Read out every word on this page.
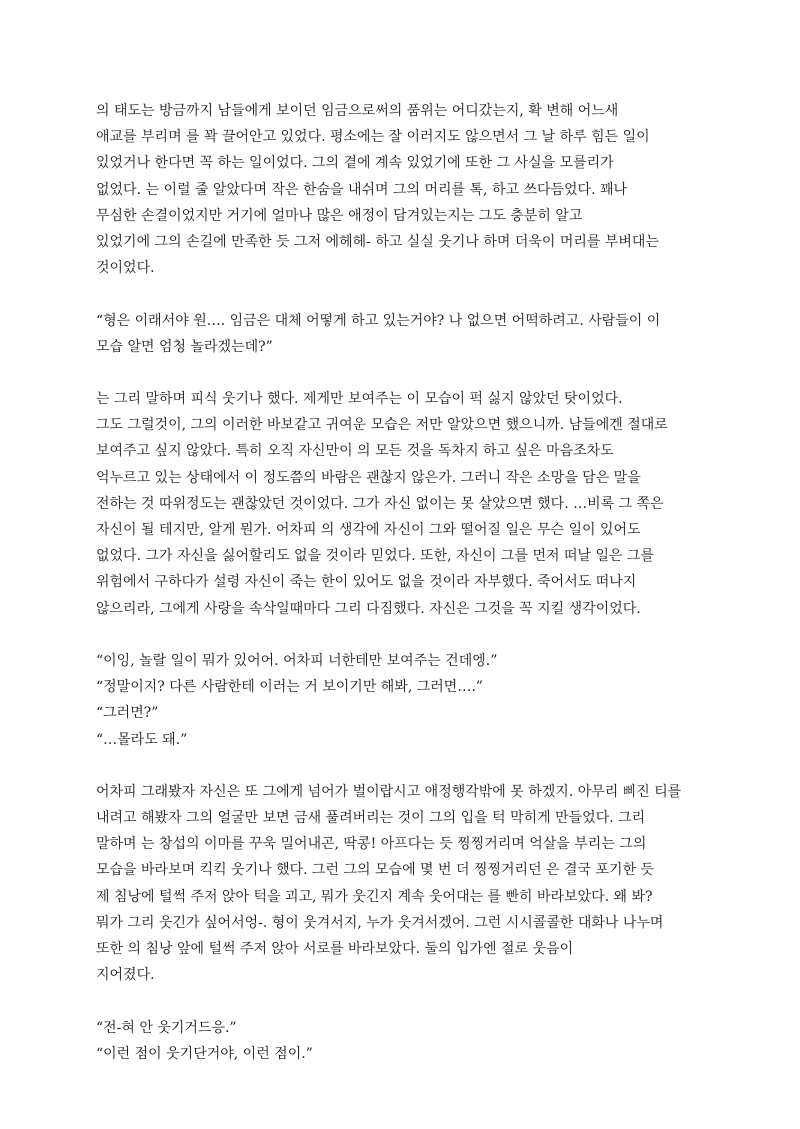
의 태도는 방금까지 남들에게 보이던 임금으로써의 품위는 어디갔는지, 확 변해 어느새
애교를 부리며 를 꽉 끌어안고 있었다. 평소에는 잘 이러지도 않으면서 그 날 하루 힘든 일이
있었거나 한다면 꼭 하는 일이었다. 그의 곁에 계속 있었기에 또한 그 사실을 모를리가
없었다. 는 이럴 줄 알았다며 작은 한숨을 내쉬며 그의 머리를 톡, 하고 쓰다듬었다. 꽤나
무심한 손결이었지만 거기에 얼마나 많은 애정이 담겨있는지는 그도 충분히 알고
있었기에 그의 손길에 만족한 듯 그저 에헤헤- 하고 실실 웃기나 하며 더욱이 머리를 부벼대는
것이었다.

“형은 이래서야 원…. 임금은 대체 어떻게 하고 있는거야? 나 없으면 어떡하려고. 사람들이 이
모습 알면 엄청 놀라겠는데?”

는 그리 말하며 피식 웃기나 했다. 제게만 보여주는 이 모습이 퍽 싫지 않았던 탓이었다.
그도 그럴것이, 그의 이러한 바보같고 귀여운 모습은 저만 알았으면 했으니까. 남들에겐 절대로
보여주고 싶지 않았다. 특히 오직 자신만이 의 모든 것을 독차지 하고 싶은 마음조차도
억누르고 있는 상태에서 이 정도쯤의 바람은 괜찮지 않은가. 그러니 작은 소망을 담은 말을
전하는 것 따위정도는 괜찮았던 것이었다. 그가 자신 없이는 못 살았으면 했다. …비록 그 쪽은
자신이 될 테지만, 알게 뭔가. 어차피 의 생각에 자신이 그와 떨어질 일은 무슨 일이 있어도
없었다. 그가 자신을 싫어할리도 없을 것이라 믿었다. 또한, 자신이 그를 먼저 떠날 일은 그를
위험에서 구하다가 설령 자신이 죽는 한이 있어도 없을 것이라 자부했다. 죽어서도 떠나지
않으리라, 그에게 사랑을 속삭일때마다 그리 다짐했다. 자신은 그것을 꼭 지킬 생각이었다.

“이잉, 놀랄 일이 뭐가 있어어. 어차피 너한테만 보여주는 건데엥.”
“정말이지? 다른 사람한테 이러는 거 보이기만 해봐, 그러면….”
“그러면?”
“…몰라도 돼.”

어차피 그래봤자 자신은 또 그에게 넘어가 벌이랍시고 애정행각밖에 못 하겠지. 아무리 삐진 티를
내려고 해봤자 그의 얼굴만 보면 금새 풀려버리는 것이 그의 입을 턱 막히게 만들었다. 그리
말하며 는 창섭의 이마를 꾸욱 밀어내곤, 딱콩! 아프다는 듯 찡찡거리며 억살을 부리는 그의
모습을 바라보며 킥킥 웃기나 했다. 그런 그의 모습에 몇 번 더 찡찡거리던 은 결국 포기한 듯
제 침낭에 털썩 주저 앉아 턱을 괴고, 뭐가 웃긴지 계속 웃어대는 를 빤히 바라보았다. 왜 봐?
뭐가 그리 웃긴가 싶어서엉-. 형이 웃겨서지, 누가 웃겨서겠어. 그런 시시콜콜한 대화나 나누며
또한 의 침낭 앞에 털썩 주저 앉아 서로를 바라보았다. 둘의 입가엔 절로 웃음이
지어졌다.

“전-혀 안 웃기거드응.”
“이런 점이 웃기단거야, 이런 점이.”
